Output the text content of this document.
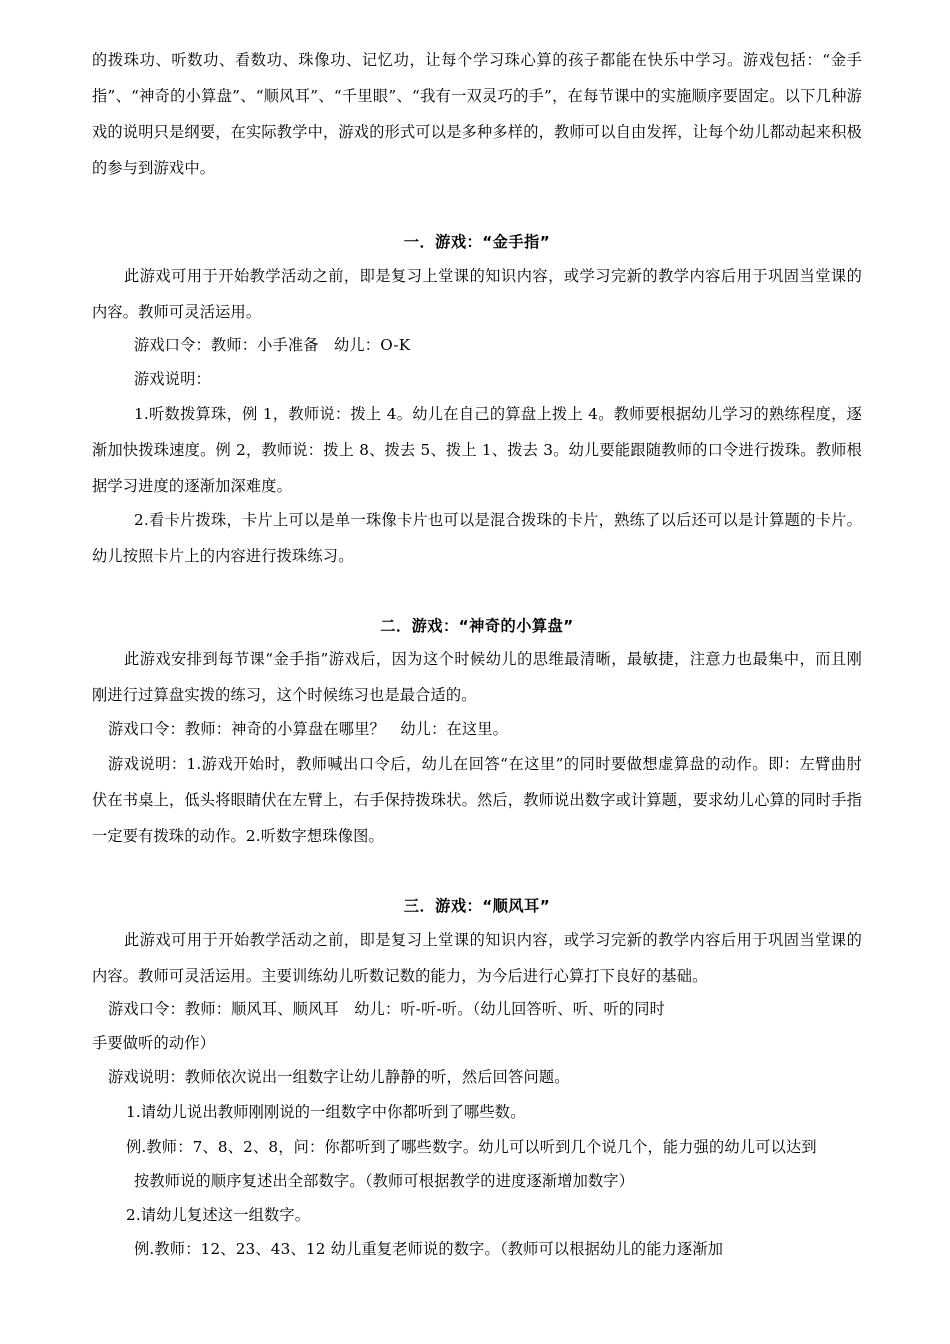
的拨珠功、听数功、看数功、珠像功、记忆功，让每个学习珠心算的孩子都能在快乐中学习。游戏包括：“金手指”、“神奇的小算盘”、“顺风耳”、“千里眼”、“我有一双灵巧的手”，在每节课中的实施顺序要固定。以下几种游戏的说明只是纲要，在实际教学中，游戏的形式可以是多种多样的，教师可以自由发挥，让每个幼儿都动起来积极的参与到游戏中。

一．游戏：“金手指”

此游戏可用于开始教学活动之前，即是复习上堂课的知识内容，或学习完新的教学内容后用于巩固当堂课的内容。教师可灵活运用。

游戏口令：教师：小手准备　幼儿：O-K

游戏说明：

1.听数拨算珠，例 1，教师说：拨上 4。幼儿在自己的算盘上拨上 4。教师要根据幼儿学习的熟练程度，逐渐加快拨珠速度。例 2，教师说：拨上 8、拨去 5、拨上 1、拨去 3。幼儿要能跟随教师的口令进行拨珠。教师根据学习进度的逐渐加深难度。

2.看卡片拨珠，卡片上可以是单一珠像卡片也可以是混合拨珠的卡片，熟练了以后还可以是计算题的卡片。幼儿按照卡片上的内容进行拨珠练习。

二．游戏：“神奇的小算盘”

此游戏安排到每节课“金手指”游戏后，因为这个时候幼儿的思维最清晰，最敏捷，注意力也最集中，而且刚刚进行过算盘实拨的练习，这个时候练习也是最合适的。

游戏口令：教师：神奇的小算盘在哪里？　幼儿：在这里。

游戏说明：1.游戏开始时，教师喊出口令后，幼儿在回答“在这里”的同时要做想虚算盘的动作。即：左臂曲肘伏在书桌上，低头将眼睛伏在左臂上，右手保持拨珠状。然后，教师说出数字或计算题，要求幼儿心算的同时手指一定要有拨珠的动作。2.听数字想珠像图。

三．游戏：“顺风耳”

此游戏可用于开始教学活动之前，即是复习上堂课的知识内容，或学习完新的教学内容后用于巩固当堂课的内容。教师可灵活运用。主要训练幼儿听数记数的能力，为今后进行心算打下良好的基础。

游戏口令：教师：顺风耳、顺风耳　幼儿：听-听-听。（幼儿回答听、听、听的同时

手要做听的动作）

游戏说明：教师依次说出一组数字让幼儿静静的听，然后回答问题。

1.请幼儿说出教师刚刚说的一组数字中你都听到了哪些数。

例.教师：7、8、2、8，问：你都听到了哪些数字。幼儿可以听到几个说几个，能力强的幼儿可以达到

按教师说的顺序复述出全部数字。（教师可根据教学的进度逐渐增加数字）

2.请幼儿复述这一组数字。

例.教师：12、23、43、12 幼儿重复老师说的数字。（教师可以根据幼儿的能力逐渐加
